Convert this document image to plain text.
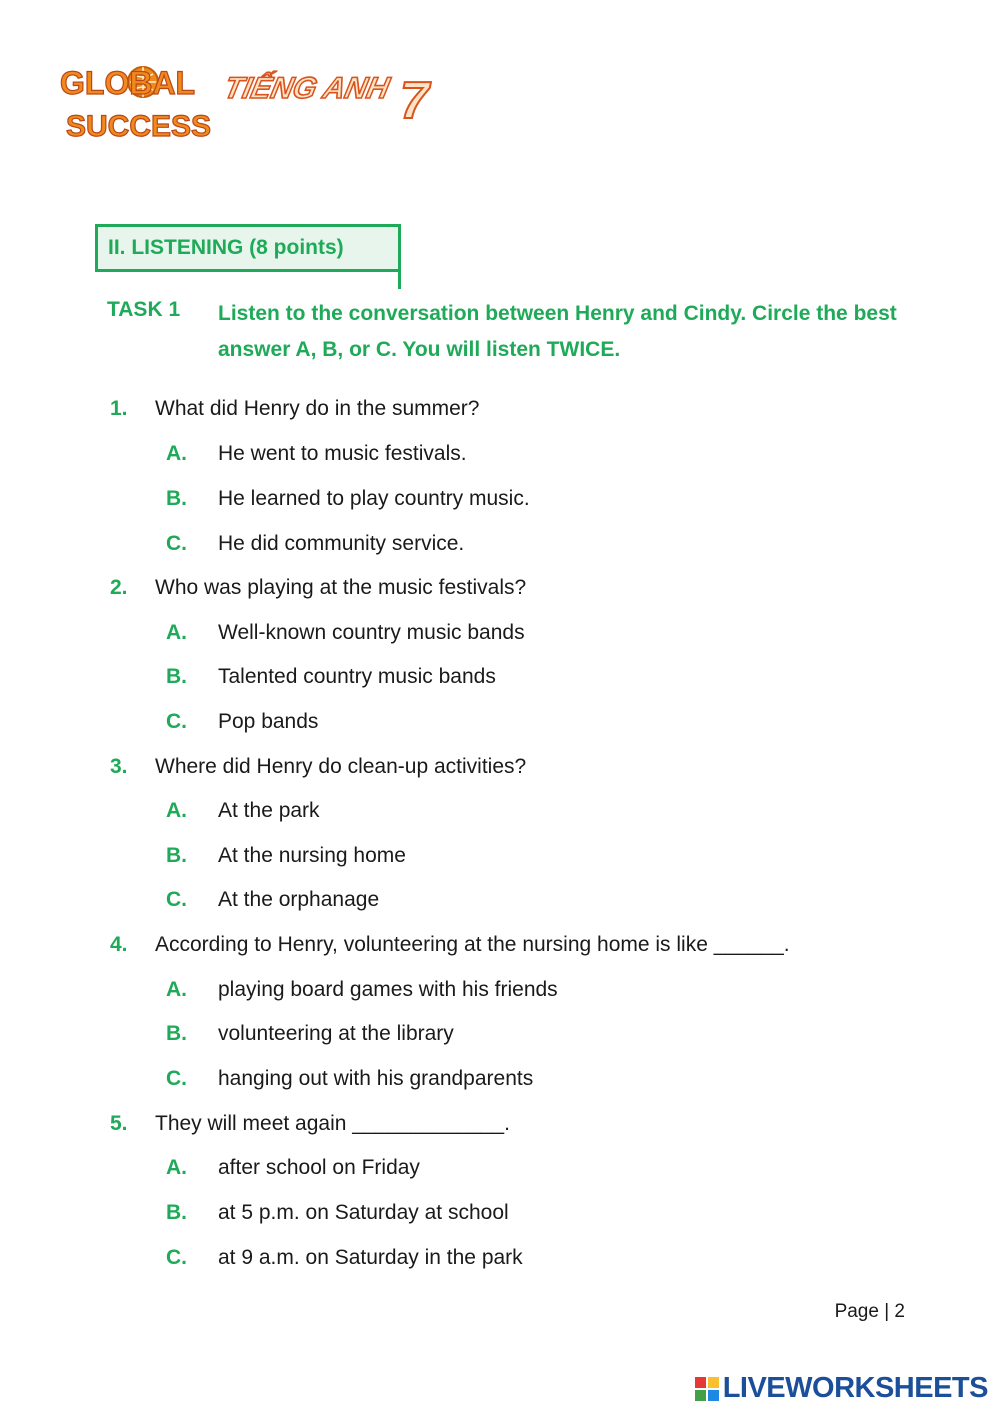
GLOBAL
SUCCESS
TIẾNG ANH 7
II. LISTENING (8 points)
TASK 1 Listen to the conversation between Henry and Cindy. Circle the best answer A, B, or C. You will listen TWICE.
1. What did Henry do in the summer?
A. He went to music festivals.
B. He learned to play country music.
C. He did community service.
2. Who was playing at the music festivals?
A. Well-known country music bands
B. Talented country music bands
C. Pop bands
3. Where did Henry do clean-up activities?
A. At the park
B. At the nursing home
C. At the orphanage
4. According to Henry, volunteering at the nursing home is like ______.
A. playing board games with his friends
B. volunteering at the library
C. hanging out with his grandparents
5. They will meet again _____________.
A. after school on Friday
B. at 5 p.m. on Saturday at school
C. at 9 a.m. on Saturday in the park
Page | 2
LIVEWORKSHEETS
